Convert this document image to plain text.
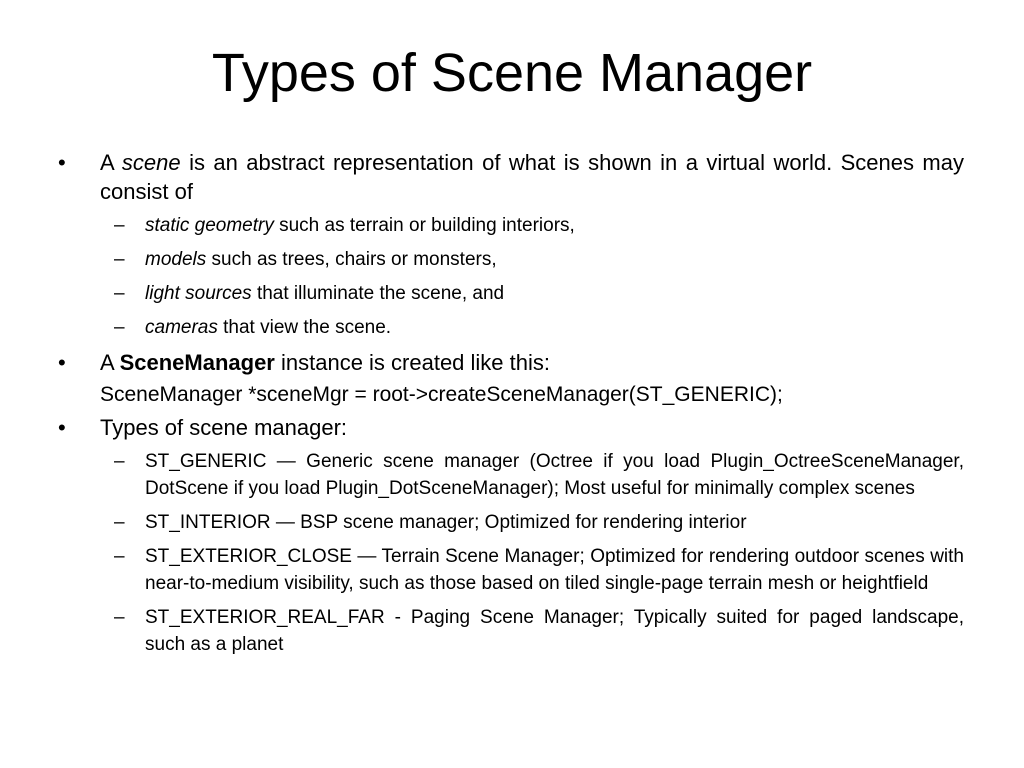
Types of Scene Manager
•	A scene is an abstract representation of what is shown in a virtual world. Scenes may consist of
– static geometry such as terrain or building interiors,
– models such as trees, chairs or monsters,
– light sources that illuminate the scene, and
– cameras that view the scene.
•	A SceneManager instance is created like this:
SceneManager *sceneMgr = root->createSceneManager(ST_GENERIC);
•	Types of scene manager:
– ST_GENERIC — Generic scene manager (Octree if you load Plugin_OctreeSceneManager, DotScene if you load Plugin_DotSceneManager); Most useful for minimally complex scenes
– ST_INTERIOR — BSP scene manager; Optimized for rendering interior
– ST_EXTERIOR_CLOSE — Terrain Scene Manager; Optimized for rendering outdoor scenes with near-to-medium visibility, such as those based on tiled single-page terrain mesh or heightfield
– ST_EXTERIOR_REAL_FAR - Paging Scene Manager; Typically suited for paged landscape, such as a planet
